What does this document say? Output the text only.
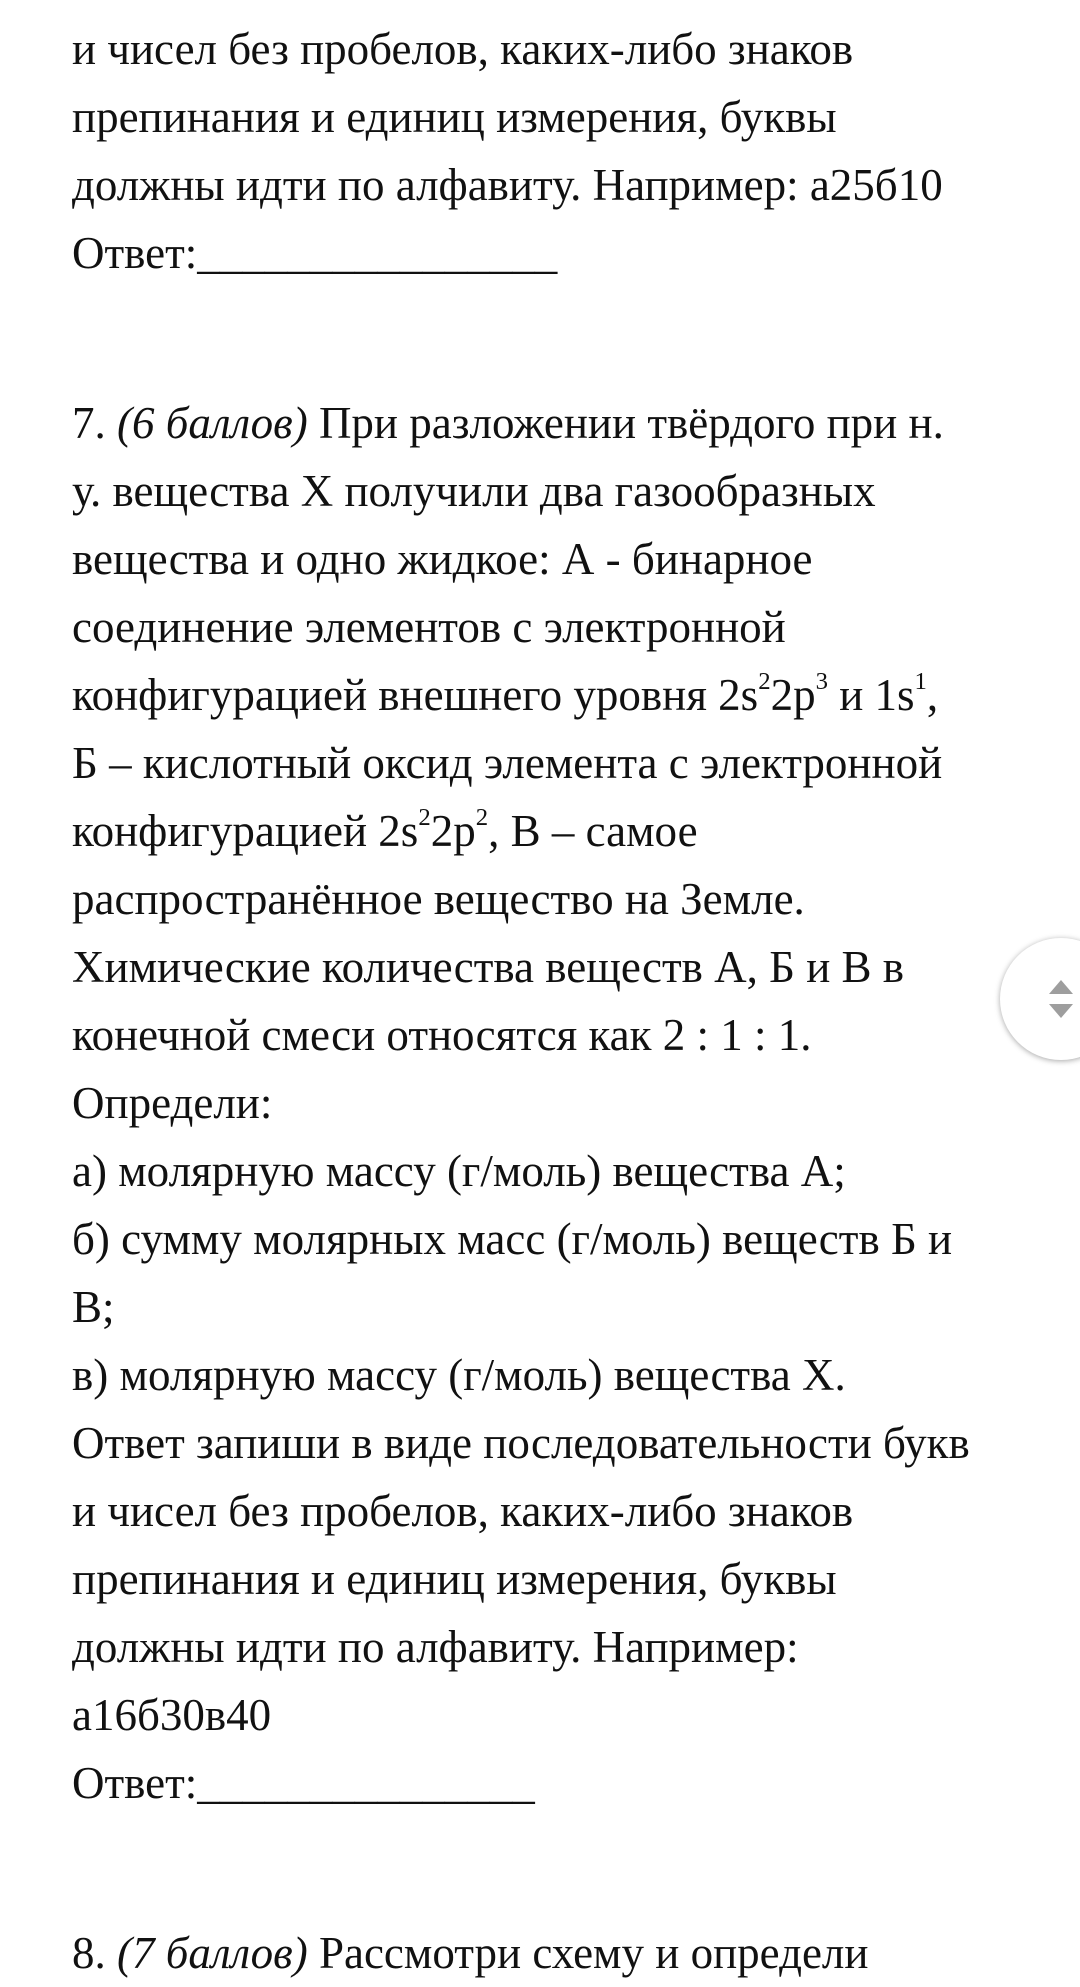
и чисел без пробелов, каких-либо знаков
препинания и единиц измерения, буквы
должны идти по алфавиту. Например: а25б10
Ответ:________________
7. (6 баллов) При разложении твёрдого при н.
у. вещества X получили два газообразных
вещества и одно жидкое: А - бинарное
соединение элементов с электронной
конфигурацией внешнего уровня $2s^22p^3$ и $1s^1$,
Б – кислотный оксид элемента с электронной
конфигурацией $2s^22p^2$, В – самое
распространённое вещество на Земле.
Химические количества веществ А, Б и В в
конечной смеси относятся как 2 : 1 : 1.
Определи:
а) молярную массу (г/моль) вещества А;
б) сумму молярных масс (г/моль) веществ Б и
В;
в) молярную массу (г/моль) вещества X.
Ответ запиши в виде последовательности букв
и чисел без пробелов, каких-либо знаков
препинания и единиц измерения, буквы
должны идти по алфавиту. Например:
а16б30в40
Ответ:_______________
8. (7 баллов) Рассмотри схему и определи
